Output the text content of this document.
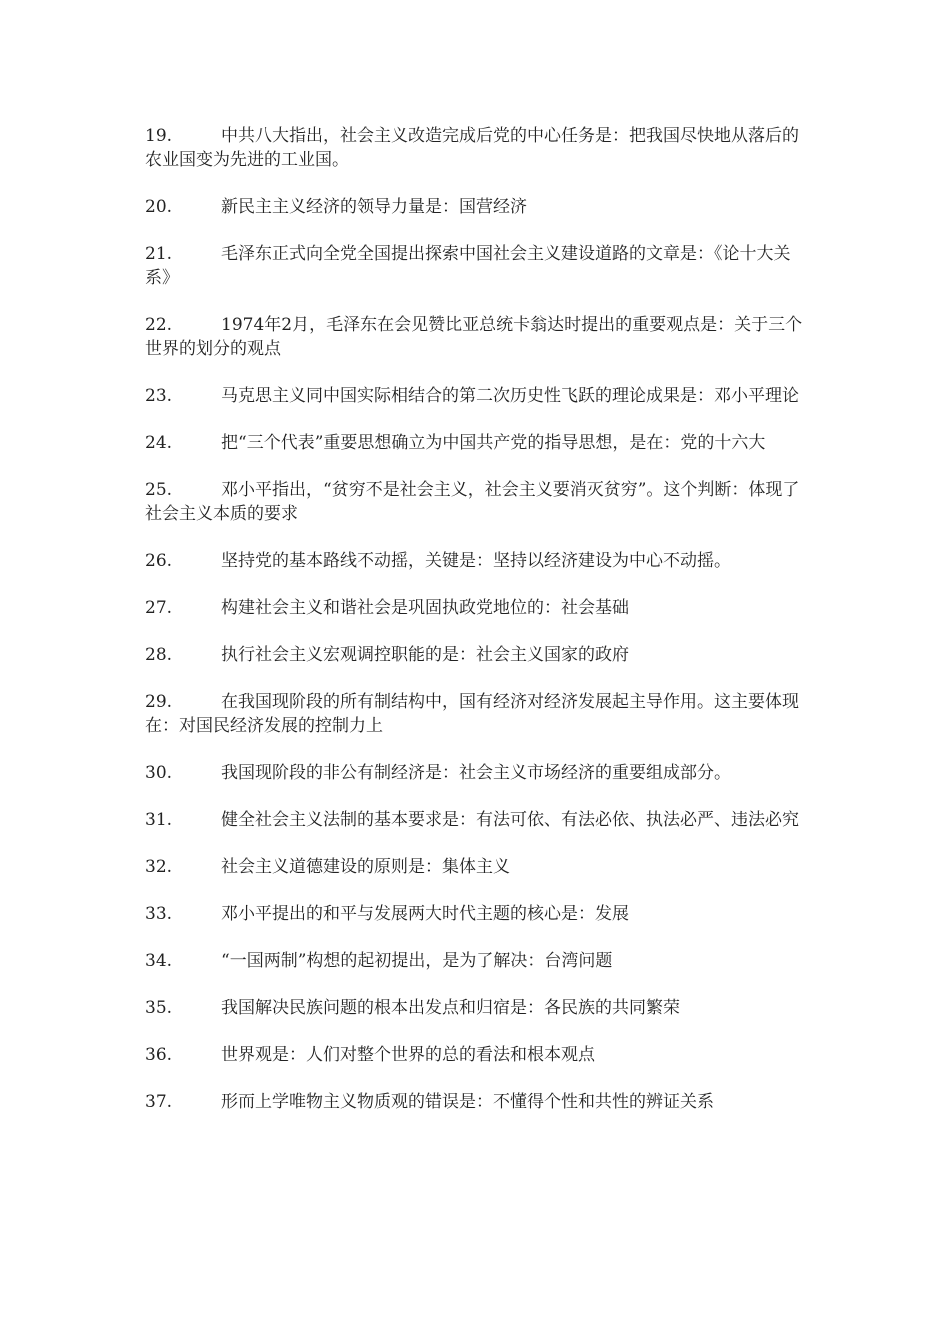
19.	中共八大指出，社会主义改造完成后党的中心任务是：把我国尽快地从落后的农业国变为先进的工业国。

20.	新民主主义经济的领导力量是：国营经济

21.	毛泽东正式向全党全国提出探索中国社会主义建设道路的文章是：《论十大关系》

22.	1974年2月，毛泽东在会见赞比亚总统卡翁达时提出的重要观点是：关于三个世界的划分的观点

23.	马克思主义同中国实际相结合的第二次历史性飞跃的理论成果是：邓小平理论

24.	把“三个代表”重要思想确立为中国共产党的指导思想，是在：党的十六大

25.	邓小平指出，“贫穷不是社会主义，社会主义要消灭贫穷”。这个判断：体现了社会主义本质的要求

26.	坚持党的基本路线不动摇，关键是：坚持以经济建设为中心不动摇。

27.	构建社会主义和谐社会是巩固执政党地位的：社会基础

28.	执行社会主义宏观调控职能的是：社会主义国家的政府

29.	在我国现阶段的所有制结构中，国有经济对经济发展起主导作用。这主要体现在：对国民经济发展的控制力上

30.	我国现阶段的非公有制经济是：社会主义市场经济的重要组成部分。

31.	健全社会主义法制的基本要求是：有法可依、有法必依、执法必严、违法必究

32.	社会主义道德建设的原则是：集体主义

33.	邓小平提出的和平与发展两大时代主题的核心是：发展

34.	“一国两制”构想的起初提出，是为了解决：台湾问题

35.	我国解决民族问题的根本出发点和归宿是：各民族的共同繁荣

36.	世界观是：人们对整个世界的总的看法和根本观点

37.	形而上学唯物主义物质观的错误是：不懂得个性和共性的辨证关系
